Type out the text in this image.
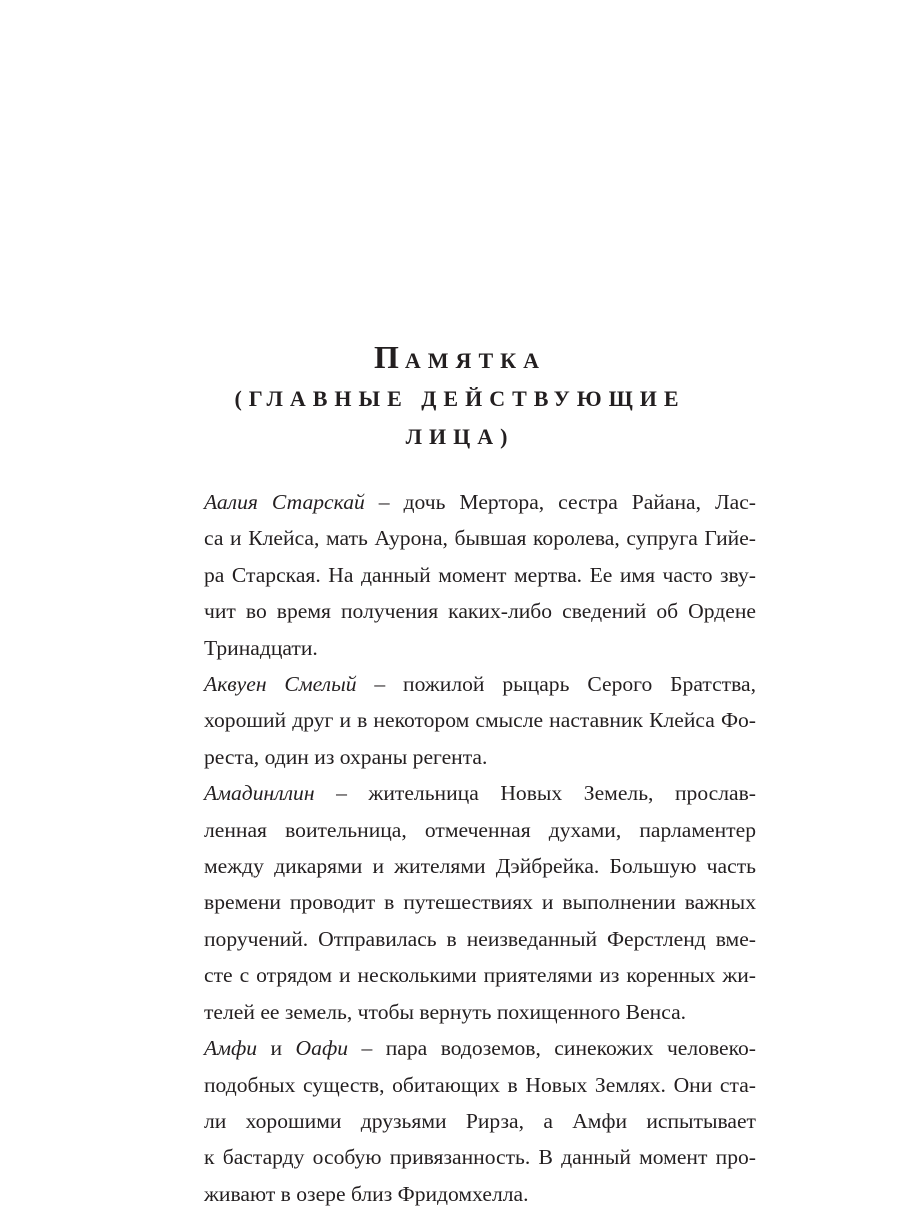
ПАМЯТКА
(ГЛАВНЫЕ ДЕЙСТВУЮЩИЕ
ЛИЦА)

Аалия Старскай – дочь Мертора, сестра Райана, Лас-
са и Клейса, мать Аурона, бывшая королева, супруга Гийе-
ра Старская. На данный момент мертва. Ее имя часто зву-
чит во время получения каких-либо сведений об Ордене
Тринадцати.

Аквуен Смелый – пожилой рыцарь Серого Братства,
хороший друг и в некотором смысле наставник Клейса Фо-
реста, один из охраны регента.

Амадинллин – жительница Новых Земель, прослав-
ленная воительница, отмеченная духами, парламентер
между дикарями и жителями Дэйбрейка. Большую часть
времени проводит в путешествиях и выполнении важных
поручений. Отправилась в неизведанный Ферстленд вме-
сте с отрядом и несколькими приятелями из коренных жи-
телей ее земель, чтобы вернуть похищенного Венса.

Амфи и Оафи – пара водоземов, синекожих человеко-
подобных существ, обитающих в Новых Землях. Они ста-
ли хорошими друзьями Рирза, а Амфи испытывает
к бастарду особую привязанность. В данный момент про-
живают в озере близ Фридомхелла.
